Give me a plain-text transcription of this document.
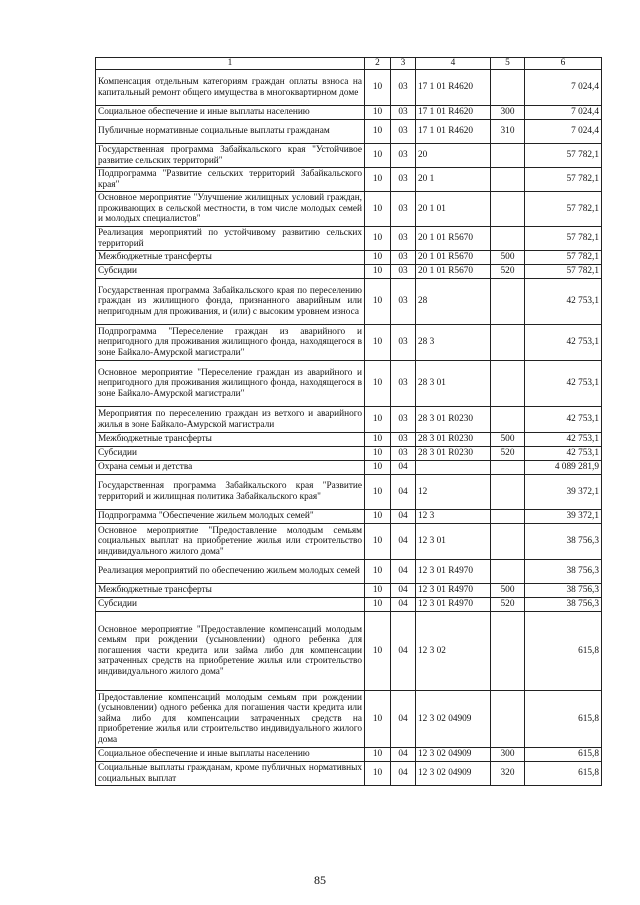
1	2	3	4	5	6
Компенсация отдельным категориям граждан оплаты взноса на капитальный ремонт общего имущества в многоквартирном доме	10	03	17 1 01 R4620		7 024,4
Социальное обеспечение и иные выплаты населению	10	03	17 1 01 R4620	300	7 024,4
Публичные нормативные социальные выплаты гражданам	10	03	17 1 01 R4620	310	7 024,4
Государственная программа Забайкальского края "Устойчивое развитие сельских территорий"	10	03	20		57 782,1
Подпрограмма "Развитие сельских территорий Забайкальского края"	10	03	20 1		57 782,1
Основное мероприятие "Улучшение жилищных условий граждан, проживающих в сельской местности, в том числе молодых семей и молодых специалистов"	10	03	20 1 01		57 782,1
Реализация мероприятий по устойчивому развитию сельских территорий	10	03	20 1 01 R5670		57 782,1
Межбюджетные трансферты	10	03	20 1 01 R5670	500	57 782,1
Субсидии	10	03	20 1 01 R5670	520	57 782,1
Государственная программа Забайкальского края по переселению граждан из жилищного фонда, признанного аварийным или непригодным для проживания, и (или) с высоким уровнем износа	10	03	28		42 753,1
Подпрограмма "Переселение граждан из аварийного и непригодного для проживания жилищного фонда, находящегося в зоне Байкало-Амурской магистрали"	10	03	28 3		42 753,1
Основное мероприятие "Переселение граждан из аварийного и непригодного для проживания жилищного фонда, находящегося в зоне Байкало-Амурской магистрали"	10	03	28 3 01		42 753,1
Мероприятия по переселению граждан из ветхого и аварийного жилья в зоне Байкало-Амурской магистрали	10	03	28 3 01 R0230		42 753,1
Межбюджетные трансферты	10	03	28 3 01 R0230	500	42 753,1
Субсидии	10	03	28 3 01 R0230	520	42 753,1
Охрана семьи и детства	10	04			4 089 281,9
Государственная программа Забайкальского края "Развитие территорий и жилищная политика Забайкальского края"	10	04	12		39 372,1
Подпрограмма "Обеспечение жильем молодых семей"	10	04	12 3		39 372,1
Основное мероприятие "Предоставление молодым семьям социальных выплат на приобретение жилья или строительство индивидуального жилого дома"	10	04	12 3 01		38 756,3
Реализация мероприятий по обеспечению жильем молодых семей	10	04	12 3 01 R4970		38 756,3
Межбюджетные трансферты	10	04	12 3 01 R4970	500	38 756,3
Субсидии	10	04	12 3 01 R4970	520	38 756,3
Основное мероприятие "Предоставление компенсаций молодым семьям при рождении (усыновлении) одного ребенка для погашения части кредита или займа либо для компенсации затраченных средств на приобретение жилья или строительство индивидуального жилого дома"	10	04	12 3 02		615,8
Предоставление компенсаций молодым семьям при рождении (усыновлении) одного ребенка для погашения части кредита или займа либо для компенсации затраченных средств на приобретение жилья или строительство индивидуального жилого дома	10	04	12 3 02 04909		615,8
Социальное обеспечение и иные выплаты населению	10	04	12 3 02 04909	300	615,8
Социальные выплаты гражданам, кроме публичных нормативных социальных выплат	10	04	12 3 02 04909	320	615,8
85
